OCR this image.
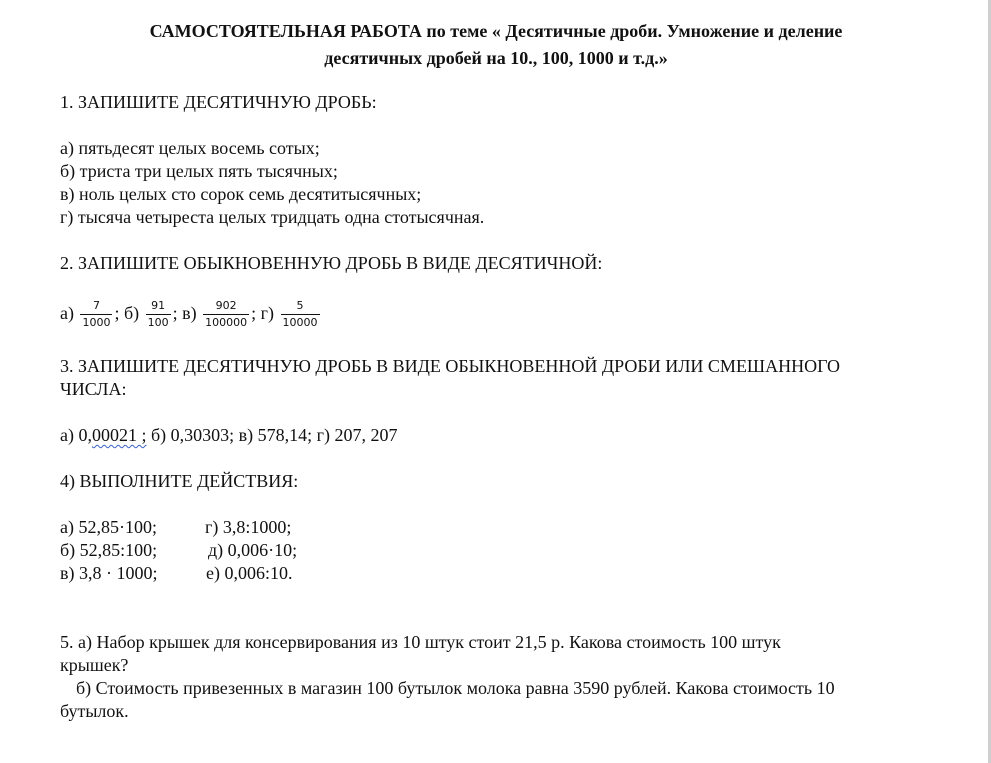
САМОСТОЯТЕЛЬНАЯ РАБОТА по теме « Десятичные дроби. Умножение и деление
десятичных дробей на 10., 100, 1000 и т.д.»
1. ЗАПИШИТЕ ДЕСЯТИЧНУЮ ДРОБЬ:
а) пятьдесят целых восемь сотых;
б) триста три целых пять тысячных;
в) ноль целых сто сорок семь десятитысячных;
г) тысяча четыреста целых тридцать одна стотысячная.
2. ЗАПИШИТЕ ОБЫКНОВЕННУЮ ДРОБЬ В ВИДЕ ДЕСЯТИЧНОЙ:
$а) \frac{7}{1000}$ ; $б) \frac{91}{100}$ ; $в) \frac{902}{100000}$ ; $г) \frac{5}{10000}$
3. ЗАПИШИТЕ ДЕСЯТИЧНУЮ ДРОБЬ В ВИДЕ ОБЫКНОВЕННОЙ ДРОБИ ИЛИ СМЕШАННОГО
ЧИСЛА:
а) 0,00021 ; б) 0,30303; в) 578,14; г) 207, 207
4) ВЫПОЛНИТЕ ДЕЙСТВИЯ:
а) 52,85·100;	г) 3,8:1000;
б) 52,85:100;	д) 0,006·10;
в) 3,8 · 1000;	е) 0,006:10.
5. а) Набор крышек для консервирования из 10 штук стоит 21,5 р. Какова стоимость 100 штук
крышек?
б) Стоимость привезенных в магазин 100 бутылок молока равна 3590 рублей. Какова стоимость 10
бутылок.
